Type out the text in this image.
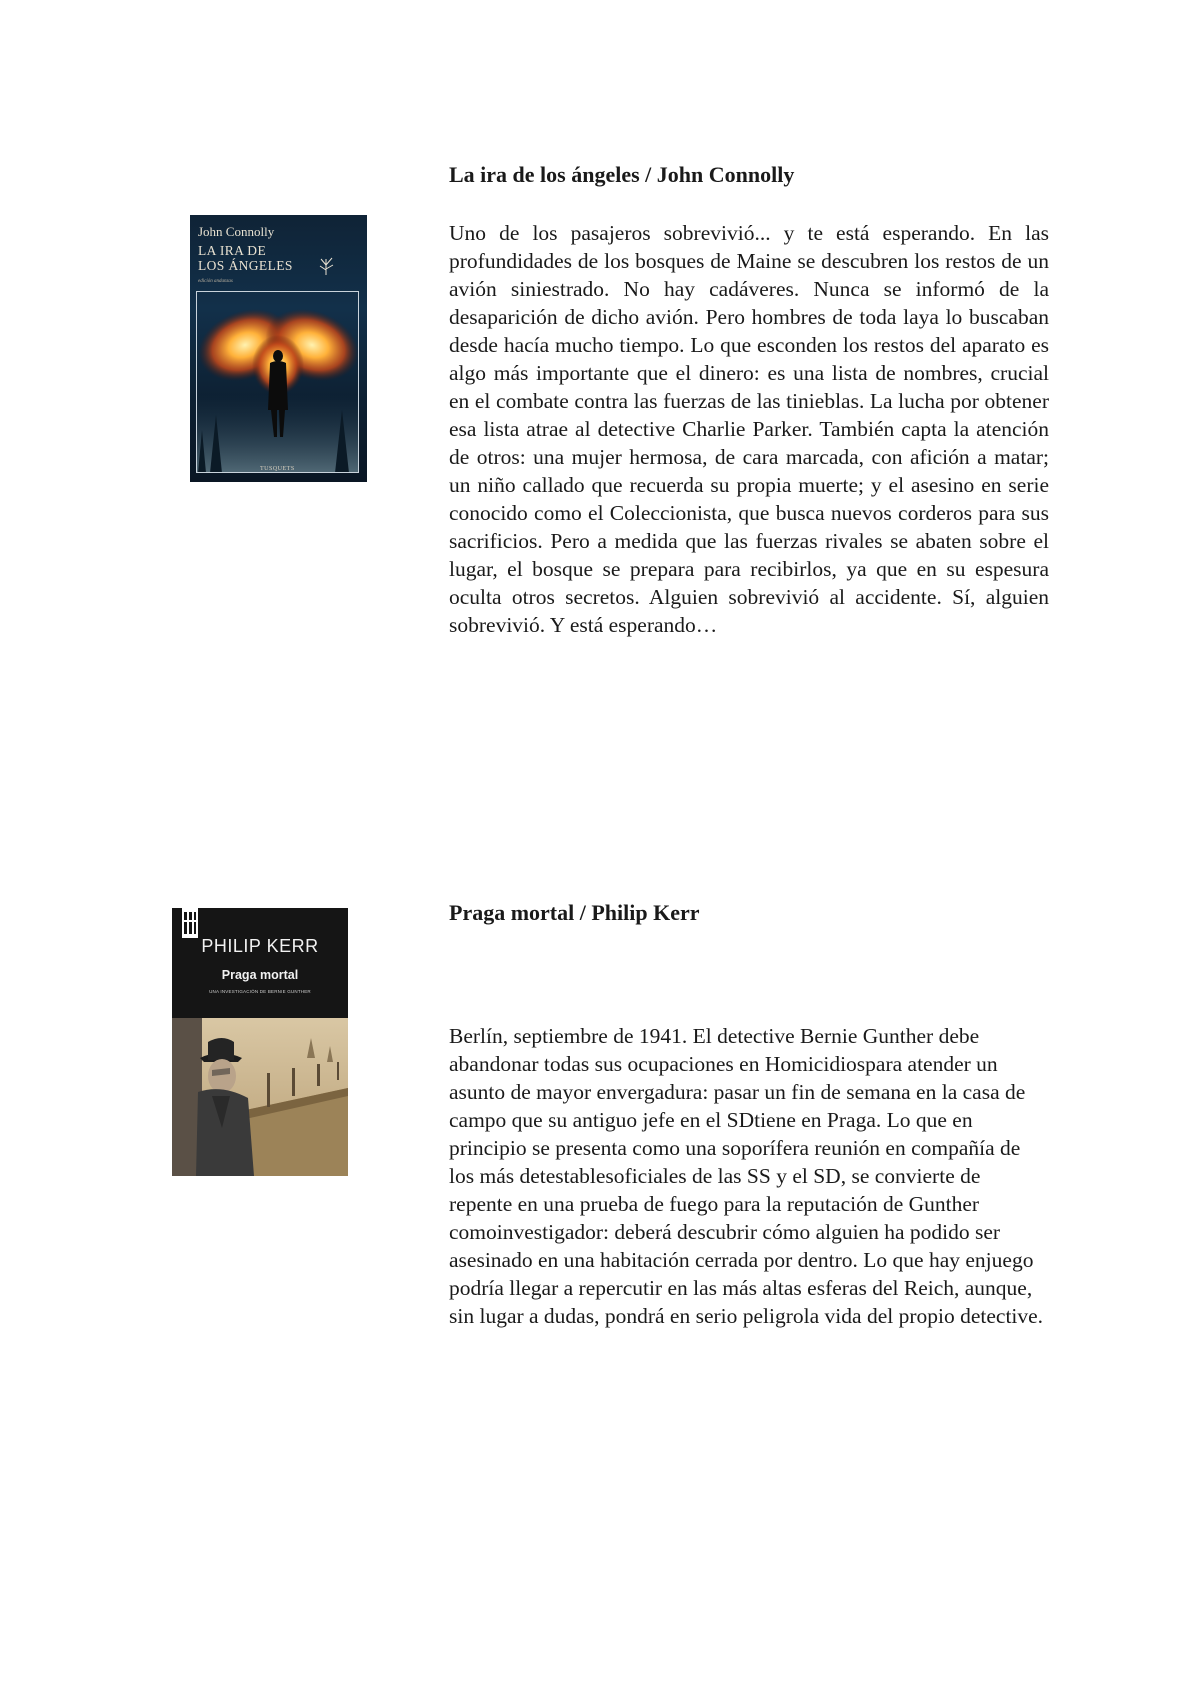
John Connolly
LA IRA DE
LOS ÁNGELES
edición andanzas
TUSQUETS
La ira de los ángeles / John Connolly

Uno de los pasajeros sobrevivió... y te está esperando. En las profundidades de los bosques de Maine se descubren los restos de un avión siniestrado. No hay cadáveres. Nunca se informó de la desaparición de dicho avión. Pero hombres de toda laya lo buscaban desde hacía mucho tiempo. Lo que esconden los restos del aparato es algo más importante que el dinero: es una lista de nombres, crucial en el combate contra las fuerzas de las tinieblas. La lucha por obtener esa lista atrae al detective Charlie Parker. También capta la atención de otros: una mujer hermosa, de cara marcada, con afición a matar; un niño callado que recuerda su propia muerte; y el asesino en serie conocido como el Coleccionista, que busca nuevos corderos para sus sacrificios. Pero a medida que las fuerzas rivales se abaten sobre el lugar, el bosque se prepara para recibirlos, ya que en su espesura oculta otros secretos. Alguien sobrevivió al accidente. Sí, alguien sobrevivió. Y está esperando…

PHILIP KERR
Praga mortal
UNA INVESTIGACIÓN DE BERNIE GUNTHER
Praga mortal / Philip Kerr

Berlín, septiembre de 1941. El detective Bernie Gunther debe abandonar todas sus ocupaciones en Homicidiospara atender un asunto de mayor envergadura: pasar un fin de semana en la casa de campo que su antiguo jefe en el SDtiene en Praga. Lo que en principio se presenta como una soporífera reunión en compañía de los más detestablesoficiales de las SS y el SD, se convierte de repente en una prueba de fuego para la reputación de Gunther comoinvestigador: deberá descubrir cómo alguien ha podido ser asesinado en una habitación cerrada por dentro. Lo que hay enjuego podría llegar a repercutir en las más altas esferas del Reich, aunque, sin lugar a dudas, pondrá en serio peligrola vida del propio detective.
